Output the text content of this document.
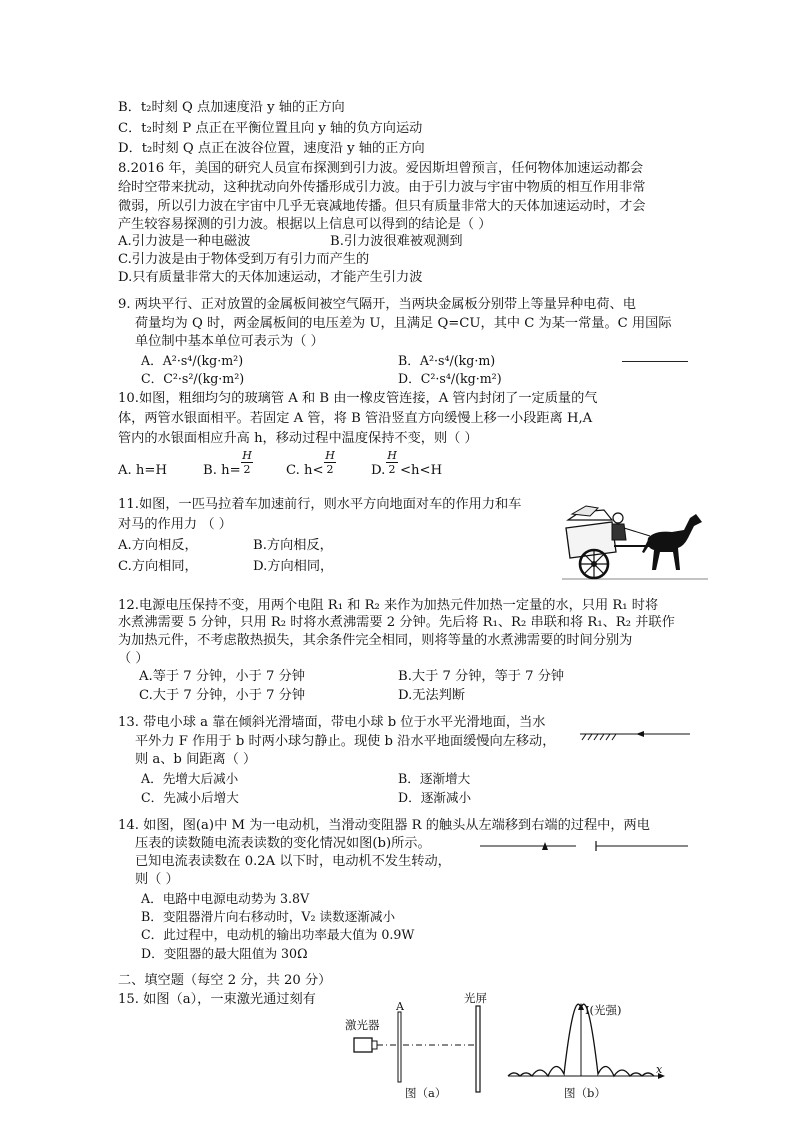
B．t₂时刻 Q 点加速度沿 y 轴的正方向
C．t₂时刻 P 点正在平衡位置且向 y 轴的负方向运动
D．t₂时刻 Q 点正在波谷位置，速度沿 y 轴的正方向
8.2016 年，美国的研究人员宣布探测到引力波。爱因斯坦曾预言，任何物体加速运动都会
给时空带来扰动，这种扰动向外传播形成引力波。由于引力波与宇宙中物质的相互作用非常
微弱，所以引力波在宇宙中几乎无衰减地传播。但只有质量非常大的天体加速运动时，才会
产生较容易探测的引力波。根据以上信息可以得到的结论是（ ）
A.引力波是一种电磁波	B.引力波很难被观测到
C.引力波是由于物体受到万有引力而产生的
D.只有质量非常大的天体加速运动，才能产生引力波
9. 两块平行、正对放置的金属板间被空气隔开，当两块金属板分别带上等量异种电荷、电
荷量均为 Q 时，两金属板间的电压差为 U，且满足 Q=CU，其中 C 为某一常量。C 用国际
单位制中基本单位可表示为（ ）
A．A²·s⁴/(kg·m²)	B．A²·s⁴/(kg·m)
C．C²·s²/(kg·m²)	D．C²·s⁴/(kg·m²)
10.如图，粗细均匀的玻璃管 A 和 B 由一橡皮管连接，A 管内封闭了一定质量的气
体，两管水银面相平。若固定 A 管，将 B 管沿竖直方向缓慢上移一小段距离 H,A
管内的水银面相应升高 h，移动过程中温度保持不变，则（ ）
A. h=H	B. $h= \frac{H}{2}$	C. $h< \frac{H}{2}$	D. $\frac{H}{2} <h<H$
11.如图，一匹马拉着车加速前行，则水平方向地面对车的作用力和车
对马的作用力 （ ）
A.方向相反，	B.方向相反，
C.方向相同，	D.方向相同，
12.电源电压保持不变，用两个电阻 R₁ 和 R₂ 来作为加热元件加热一定量的水，只用 R₁ 时将
水煮沸需要 5 分钟，只用 R₂ 时将水煮沸需要 2 分钟。先后将 R₁、R₂ 串联和将 R₁、R₂ 并联作
为加热元件，不考虑散热损失，其余条件完全相同，则将等量的水煮沸需要的时间分别为
（ ）
A.等于 7 分钟，小于 7 分钟	B.大于 7 分钟，等于 7 分钟
C.大于 7 分钟，小于 7 分钟	D.无法判断
13. 带电小球 a 靠在倾斜光滑墙面，带电小球 b 位于水平光滑地面，当水
平外力 F 作用于 b 时两小球匀静止。现使 b 沿水平地面缓慢向左移动，
则 a、b 间距离（ ）
A．先增大后减小	B．逐渐增大
C．先减小后增大	D．逐渐减小
14. 如图，图(a)中 M 为一电动机，当滑动变阻器 R 的触头从左端移到右端的过程中，两电
压表的读数随电流表读数的变化情况如图(b)所示。
已知电流表读数在 0.2A 以下时，电动机不发生转动，
则（ ）
A．电路中电源电动势为 3.8V
B．变阻器滑片向右移动时，V₂ 读数逐渐减小
C．此过程中，电动机的输出功率最大值为 0.9W
D．变阻器的最大阻值为 30Ω
二、填空题（每空 2 分，共 20 分）
15. 如图（a），一束激光通过刻有
激光器
A
光屏
图（a）
I(光强)
x
图（b）
